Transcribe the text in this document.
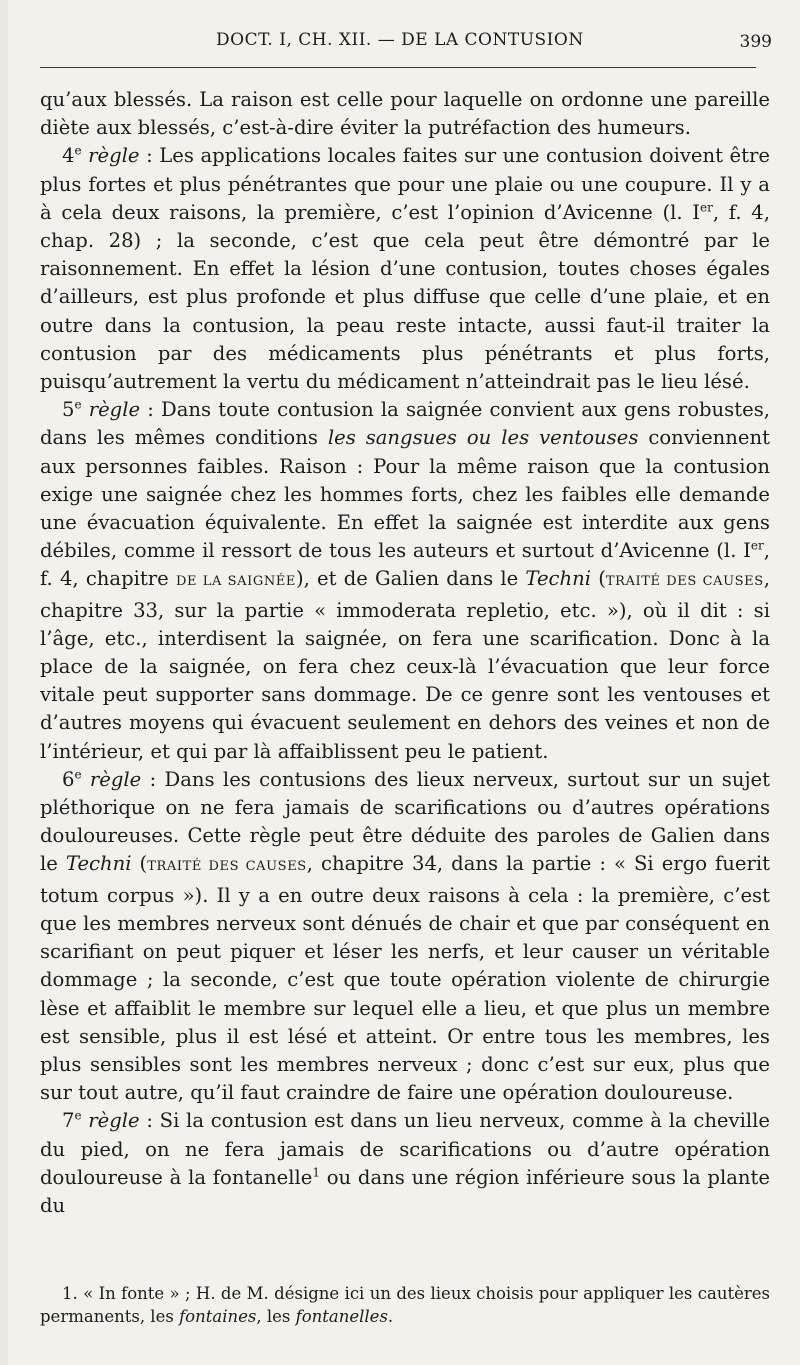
DOCT. I, CH. XII. — DE LA CONTUSION	399

qu’aux blessés. La raison est celle pour laquelle on ordonne une pareille diète aux blessés, c’est-à-dire éviter la putréfaction des humeurs.

4e règle : Les applications locales faites sur une contusion doivent être plus fortes et plus pénétrantes que pour une plaie ou une coupure. Il y a à cela deux raisons, la première, c’est l’opinion d’Avicenne (l. Ier, f. 4, chap. 28) ; la seconde, c’est que cela peut être démontré par le raisonnement. En effet la lésion d’une contusion, toutes choses égales d’ailleurs, est plus profonde et plus diffuse que celle d’une plaie, et en outre dans la contusion, la peau reste intacte, aussi faut-il traiter la contusion par des médicaments plus pénétrants et plus forts, puisqu’autrement la vertu du médicament n’atteindrait pas le lieu lésé.

5e règle : Dans toute contusion la saignée convient aux gens robustes, dans les mêmes conditions les sangsues ou les ventouses conviennent aux personnes faibles. Raison : Pour la même raison que la contusion exige une saignée chez les hommes forts, chez les faibles elle demande une évacuation équivalente. En effet la saignée est interdite aux gens débiles, comme il ressort de tous les auteurs et surtout d’Avicenne (l. Ier, f. 4, chapitre DE LA SAIGNÉE), et de Galien dans le Techni (TRAITÉ DES CAUSES, chapitre 33, sur la partie « immoderata repletio, etc. »), où il dit : si l’âge, etc., interdisent la saignée, on fera une scarification. Donc à la place de la saignée, on fera chez ceux-là l’évacuation que leur force vitale peut supporter sans dommage. De ce genre sont les ventouses et d’autres moyens qui évacuent seulement en dehors des veines et non de l’intérieur, et qui par là affaiblissent peu le patient.

6e règle : Dans les contusions des lieux nerveux, surtout sur un sujet pléthorique on ne fera jamais de scarifications ou d’autres opérations douloureuses. Cette règle peut être déduite des paroles de Galien dans le Techni (TRAITÉ DES CAUSES, chapitre 34, dans la partie : « Si ergo fuerit totum corpus »). Il y a en outre deux raisons à cela : la première, c’est que les membres nerveux sont dénués de chair et que par conséquent en scarifiant on peut piquer et léser les nerfs, et leur causer un véritable dommage ; la seconde, c’est que toute opération violente de chirurgie lèse et affaiblit le membre sur lequel elle a lieu, et que plus un membre est sensible, plus il est lésé et atteint. Or entre tous les membres, les plus sensibles sont les membres nerveux ; donc c’est sur eux, plus que sur tout autre, qu’il faut craindre de faire une opération douloureuse.

7e règle : Si la contusion est dans un lieu nerveux, comme à la cheville du pied, on ne fera jamais de scarifications ou d’autre opération douloureuse à la fontanelle$^1$ ou dans une région inférieure sous la plante du

1. « In fonte » ; H. de M. désigne ici un des lieux choisis pour appliquer les cautères permanents, les fontaines, les fontanelles.
